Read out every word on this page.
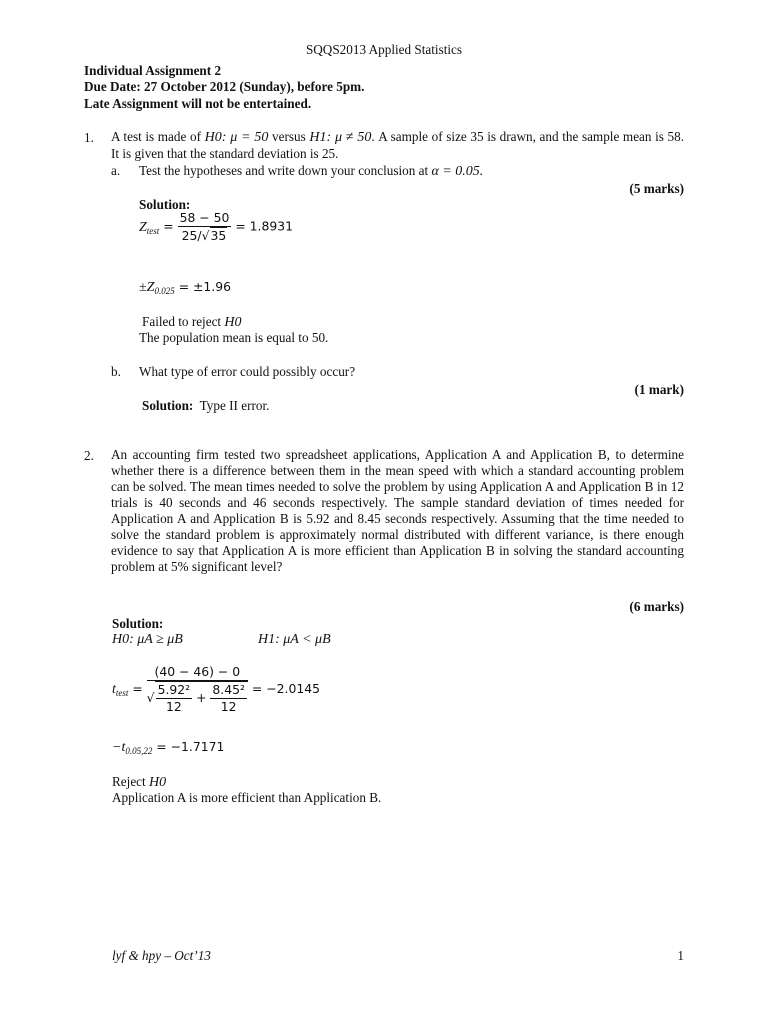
SQQS2013 Applied Statistics
Individual Assignment 2
Due Date: 27 October 2012 (Sunday), before 5pm.
Late Assignment will not be entertained.
1. A test is made of H0: μ = 50 versus H1: μ ≠ 50. A sample of size 35 is drawn, and the sample mean is 58. It is given that the standard deviation is 25.
a. Test the hypotheses and write down your conclusion at α = 0.05.
(5 marks)
Solution:
$Z_{test} = \frac{58 - 50}{25/√35} = 1.8931$
$\pm Z_{0.025} = \pm 1.96$
Failed to reject H0
The population mean is equal to 50.
b. What type of error could possibly occur?
(1 mark)
Solution: Type II error.
2. An accounting firm tested two spreadsheet applications, Application A and Application B, to determine whether there is a difference between them in the mean speed with which a standard accounting problem can be solved. The mean times needed to solve the problem by using Application A and Application B in 12 trials is 40 seconds and 46 seconds respectively. The sample standard deviation of times needed for Application A and Application B is 5.92 and 8.45 seconds respectively. Assuming that the time needed to solve the standard problem is approximately normal distributed with different variance, is there enough evidence to say that Application A is more efficient than Application B in solving the standard accounting problem at 5% significant level?
(6 marks)
Solution:
H0: μA ≥ μB	H1: μA < μB
$t_{test} = \frac{(40 - 46) - 0}{√ \frac{\text{5.92²}}{12} + \frac{\text{8.45²}}{12}} = -2.0145$
$-t_{0.05,22} = -1.7171$
Reject H0
Application A is more efficient than Application B.
lyf & hpy – Oct’13	1
